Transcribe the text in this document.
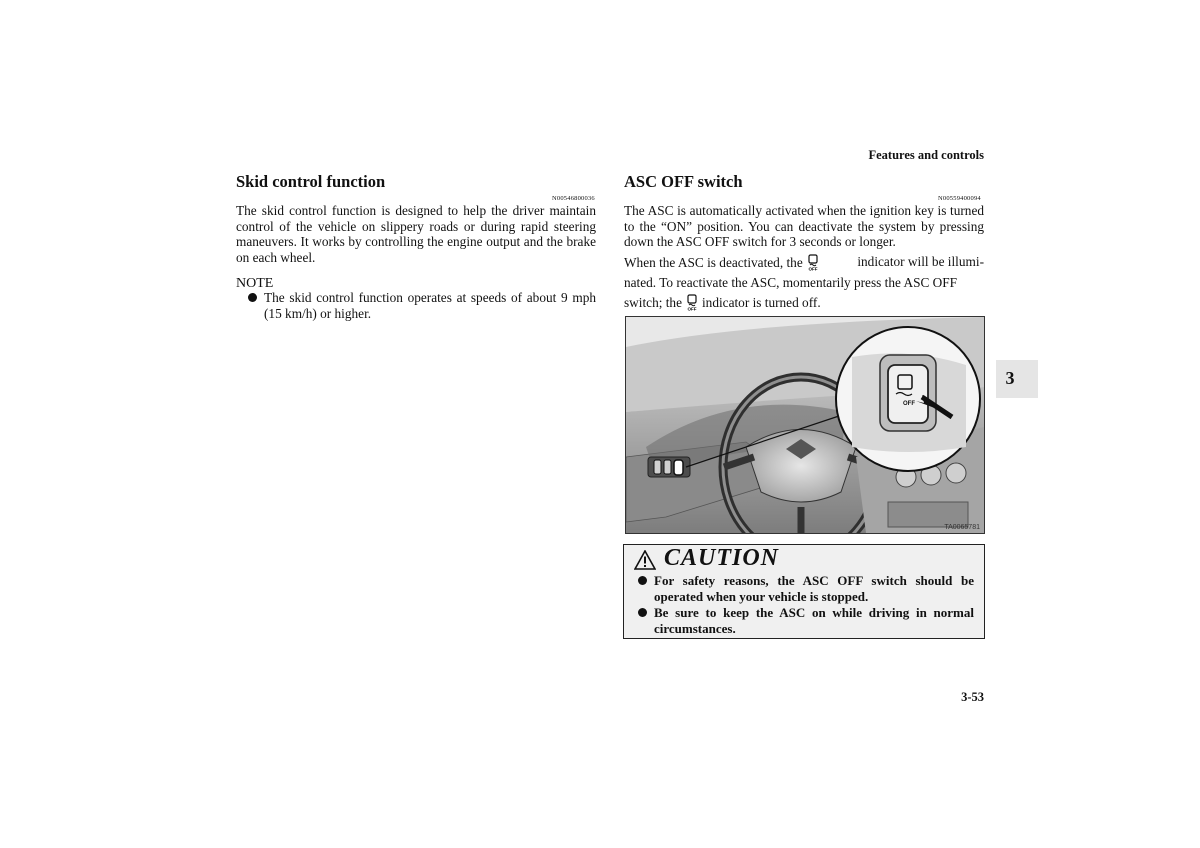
Features and controls
Skid control function
N00546800036
The skid control function is designed to help the driver maintain control of the vehicle on slippery roads or during rapid steering maneuvers. It works by controlling the engine output and the brake on each wheel.
NOTE
The skid control function operates at speeds of about 9 mph (15 km/h) or higher.
ASC OFF switch
N00559400094
The ASC is automatically activated when the ignition key is turned to the “ON” position. You can deactivate the system by pressing down the ASC OFF switch for 3 seconds or longer.
When the ASC is deactivated, the OFF	indicator will be illumi-
nated. To reactivate the ASC, momentarily press the ASC OFF
switch; the OFF indicator is turned off.
OFF
TA0065781
CAUTION
For safety reasons, the ASC OFF switch should be operated when your vehicle is stopped.
Be sure to keep the ASC on while driving in normal circumstances.
3
3-53
